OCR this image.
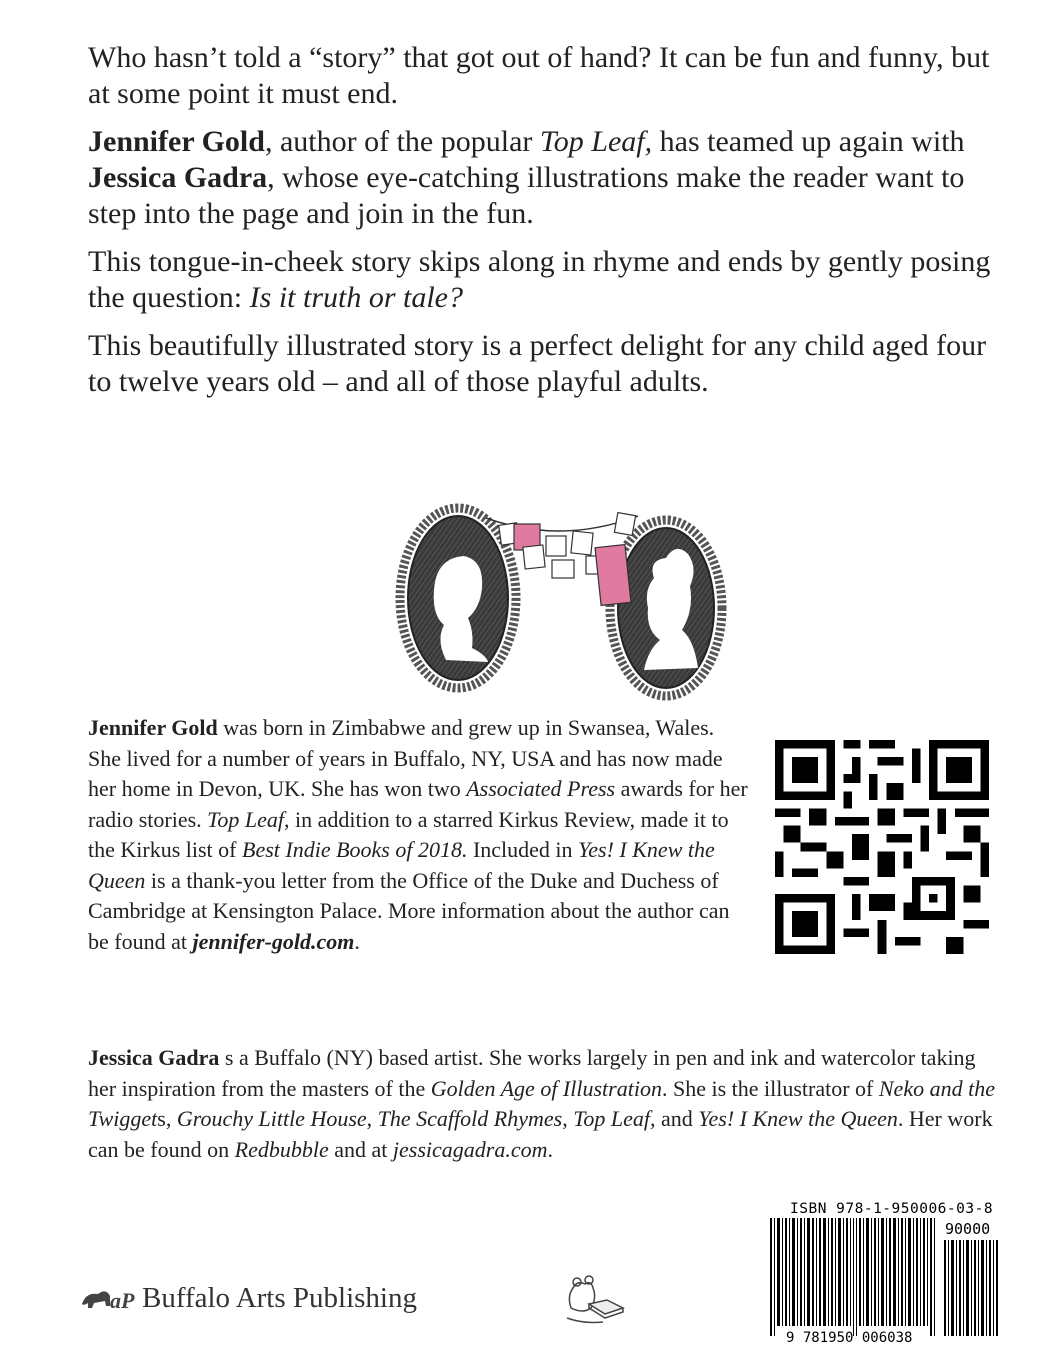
Who hasn’t told a “story” that got out of hand? It can be fun and funny, but at some point it must end.

Jennifer Gold, author of the popular Top Leaf, has teamed up again with Jessica Gadra, whose eye-catching illustrations make the reader want to step into the page and join in the fun.

This tongue-in-cheek story skips along in rhyme and ends by gently posing the question: Is it truth or tale?

This beautifully illustrated story is a perfect delight for any child aged four to twelve years old – and all of those playful adults.

Jennifer Gold was born in Zimbabwe and grew up in Swansea, Wales. She lived for a number of years in Buffalo, NY, USA and has now made her home in Devon, UK. She has won two Associated Press awards for her radio stories. Top Leaf, in addition to a starred Kirkus Review, made it to the Kirkus list of Best Indie Books of 2018. Included in Yes! I Knew the Queen is a thank-you letter from the Office of the Duke and Duchess of Cambridge at Kensington Palace. More information about the author can be found at jennifer-gold.com.

Jessica Gadra s a Buffalo (NY) based artist. She works largely in pen and ink and watercolor taking her inspiration from the masters of the Golden Age of Illustration. She is the illustrator of Neko and the Twiggets, Grouchy Little House, The Scaffold Rhymes, Top Leaf, and Yes! I Knew the Queen. Her work can be found on Redbubble and at jessicagadra.com.

aP Buffalo Arts Publishing
ISBN 978-1-950006-03-8
90000
9 781950 006038
